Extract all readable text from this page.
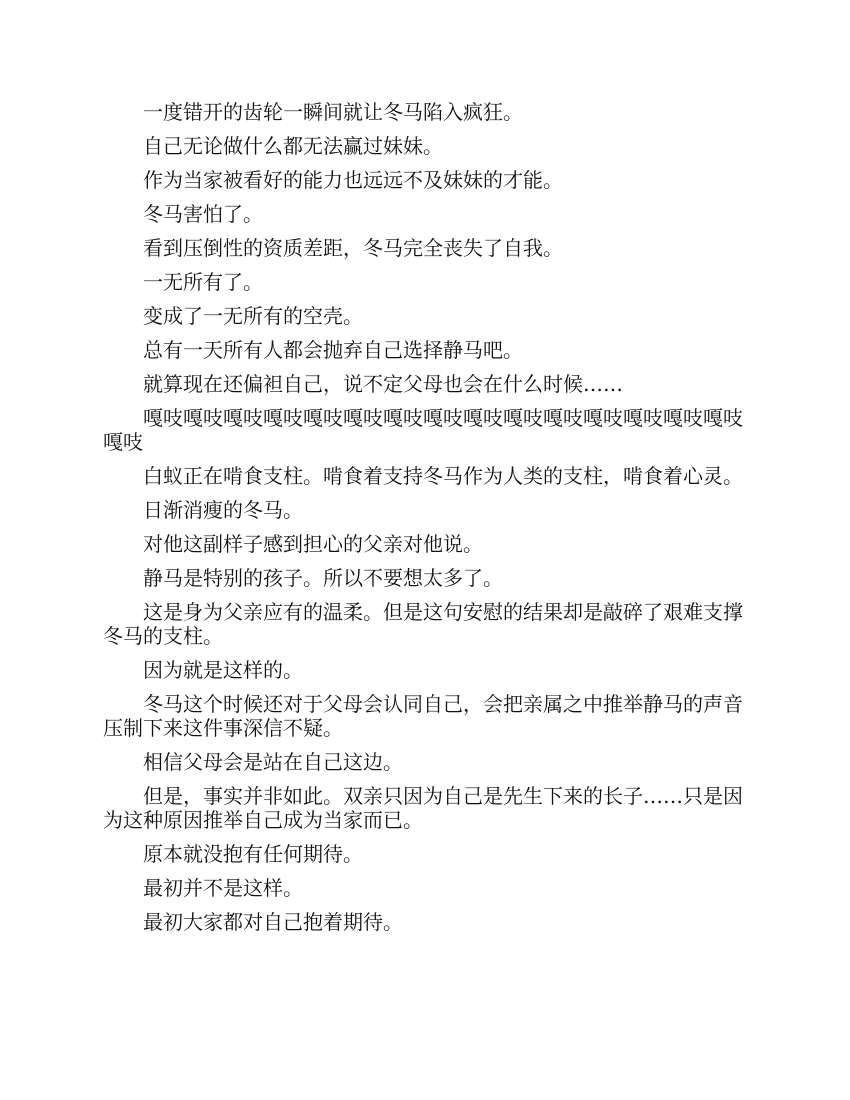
一度错开的齿轮一瞬间就让冬马陷入疯狂。

自己无论做什么都无法赢过妹妹。

作为当家被看好的能力也远远不及妹妹的才能。

冬马害怕了。

看到压倒性的资质差距，冬马完全丧失了自我。

一无所有了。

变成了一无所有的空壳。

总有一天所有人都会抛弃自己选择静马吧。

就算现在还偏袒自己，说不定父母也会在什么时候……

嘎吱嘎吱嘎吱嘎吱嘎吱嘎吱嘎吱嘎吱嘎吱嘎吱嘎吱嘎吱嘎吱嘎吱嘎吱嘎吱

白蚁正在啃食支柱。啃食着支持冬马作为人类的支柱，啃食着心灵。

日渐消瘦的冬马。

对他这副样子感到担心的父亲对他说。

静马是特别的孩子。所以不要想太多了。

这是身为父亲应有的温柔。但是这句安慰的结果却是敲碎了艰难支撑冬马的支柱。

因为就是这样的。

冬马这个时候还对于父母会认同自己，会把亲属之中推举静马的声音压制下来这件事深信不疑。

相信父母会是站在自己这边。

但是，事实并非如此。双亲只因为自己是先生下来的长子……只是因为这种原因推举自己成为当家而已。

原本就没抱有任何期待。

最初并不是这样。

最初大家都对自己抱着期待。
